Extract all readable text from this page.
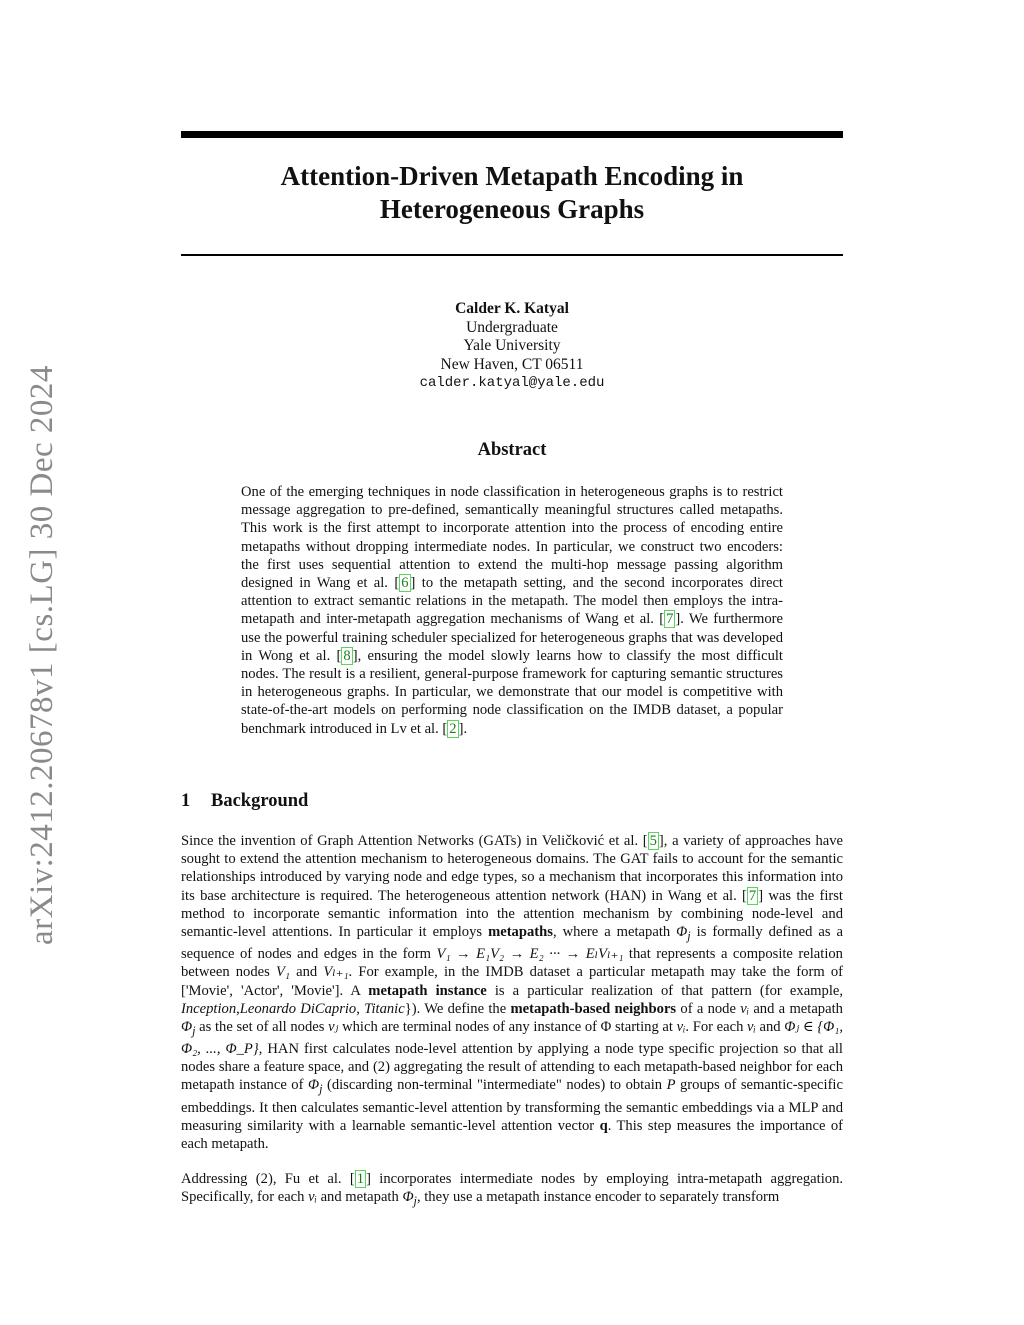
arXiv:2412.20678v1 [cs.LG] 30 Dec 2024
Attention-Driven Metapath Encoding in
Heterogeneous Graphs
Calder K. Katyal
Undergraduate
Yale University
New Haven, CT 06511
calder.katyal@yale.edu
Abstract
One of the emerging techniques in node classification in heterogeneous graphs is to restrict message aggregation to pre-defined, semantically meaningful structures called metapaths. This work is the first attempt to incorporate attention into the process of encoding entire metapaths without dropping intermediate nodes. In particular, we construct two encoders: the first uses sequential attention to extend the multi-hop message passing algorithm designed in Wang et al. [ 6 ] to the metapath setting, and the second incorporates direct attention to extract semantic relations in the metapath. The model then employs the intra-metapath and inter-metapath aggregation mechanisms of Wang et al. [ 7 ]. We furthermore use the powerful training scheduler specialized for heterogeneous graphs that was developed in Wong et al. [ 8 ], ensuring the model slowly learns how to classify the most difficult nodes. The result is a resilient, general-purpose framework for capturing semantic structures in heterogeneous graphs. In particular, we demonstrate that our model is competitive with state-of-the-art models on performing node classification on the IMDB dataset, a popular benchmark introduced in Lv et al. [ 2 ].
1 Background
Since the invention of Graph Attention Networks (GATs) in Veličković et al. [ 5 ], a variety of approaches have sought to extend the attention mechanism to heterogeneous domains. The GAT fails to account for the semantic relationships introduced by varying node and edge types, so a mechanism that incorporates this information into its base architecture is required. The heterogeneous attention network (HAN) in Wang et al. [ 7 ] was the first method to incorporate semantic information into the attention mechanism by combining node-level and semantic-level attentions. In particular it employs metapaths, where a metapath $\Phi_j$ is formally defined as a sequence of nodes and edges in the form V₁ → E₁V₂ → E₂ ··· → EₗVₗ₊₁ that represents a composite relation between nodes V₁ and Vₗ₊₁. For example, in the IMDB dataset a particular metapath may take the form of ['Movie', 'Actor', 'Movie']. A metapath instance is a particular realization of that pattern (for example, Inception,Leonardo DiCaprio, Titanic}). We define the metapath-based neighbors of a node vᵢ and a metapath $\Phi_j$ as the set of all nodes vⱼ which are terminal nodes of any instance of Φ starting at vᵢ. For each vᵢ and Φⱼ ∈ {Φ₁, Φ₂, ..., Φ_P}, HAN first calculates node-level attention by applying a node type specific projection so that all nodes share a feature space, and (2) aggregating the result of attending to each metapath-based neighbor for each metapath instance of $\Phi_j$ (discarding non-terminal "intermediate" nodes) to obtain P groups of semantic-specific embeddings. It then calculates semantic-level attention by transforming the semantic embeddings via a MLP and measuring similarity with a learnable semantic-level attention vector q. This step measures the importance of each metapath.
Addressing (2), Fu et al. [ 1 ] incorporates intermediate nodes by employing intra-metapath aggregation. Specifically, for each vᵢ and metapath $\Phi_j$, they use a metapath instance encoder to separately transform
